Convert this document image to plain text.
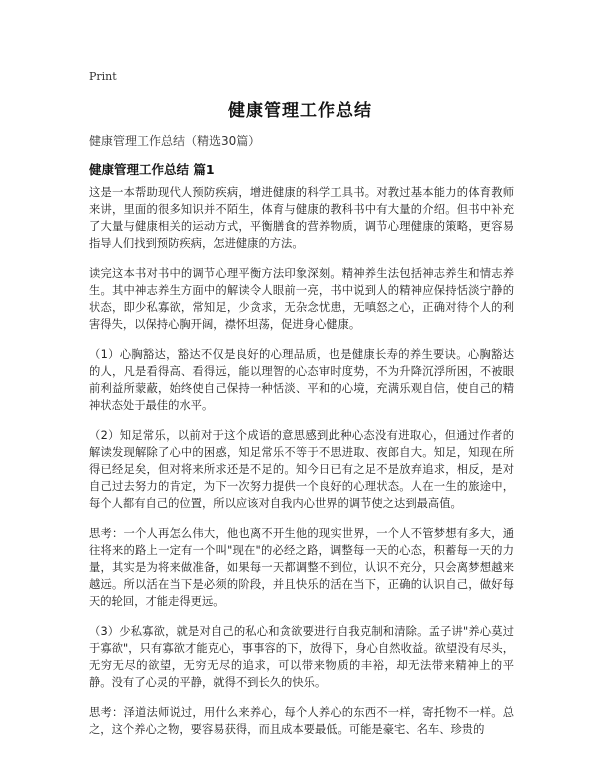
Print
健康管理工作总结
健康管理工作总结（精选30篇）
健康管理工作总结 篇1

这是一本帮助现代人预防疾病，增进健康的科学工具书。对教过基本能力的体育教师来讲，里面的很多知识并不陌生，体育与健康的教科书中有大量的介绍。但书中补充了大量与健康相关的运动方式，平衡膳食的营养物质，调节心理健康的策略，更容易指导人们找到预防疾病，怎进健康的方法。

读完这本书对书中的调节心理平衡方法印象深刻。精神养生法包括神志养生和情志养生。其中神志养生方面中的解读令人眼前一亮，书中说到人的精神应保持恬淡宁静的状态，即少私寡欲，常知足，少贪求，无杂念忧患，无嗔怒之心，正确对待个人的利害得失，以保持心胸开阔，襟怀坦荡，促进身心健康。

（1）心胸豁达，豁达不仅是良好的心理品质，也是健康长寿的养生要诀。心胸豁达的人，凡是看得高、看得远，能以理智的心态审时度势，不为升降沉浮所困，不被眼前利益所蒙蔽，始终使自己保持一种恬淡、平和的心境，充满乐观自信，使自己的精神状态处于最佳的水平。

（2）知足常乐，以前对于这个成语的意思感到此种心态没有进取心，但通过作者的解读发现解除了心中的困惑，知足常乐不等于不思进取、夜郎自大。知足，知现在所得已经足矣，但对将来所求还是不足的。知今日已有之足不是放弃追求，相反，是对自己过去努力的肯定，为下一次努力提供一个良好的心理状态。人在一生的旅途中，每个人都有自己的位置，所以应该对自我内心世界的调节使之达到最高值。

思考：一个人再怎么伟大，他也离不开生他的现实世界，一个人不管梦想有多大，通往将来的路上一定有一个叫"现在"的必经之路，调整每一天的心态，积蓄每一天的力量，其实是为将来做准备，如果每一天都调整不到位，认识不充分，只会离梦想越来越远。所以活在当下是必须的阶段，并且快乐的活在当下，正确的认识自己，做好每天的轮回，才能走得更远。

（3）少私寡欲，就是对自己的私心和贪欲要进行自我克制和清除。孟子讲"养心莫过于寡欲"，只有寡欲才能克心，事事容的下，放得下，身心自然收益。欲望没有尽头，无穷无尽的欲望，无穷无尽的追求，可以带来物质的丰裕，却无法带来精神上的平静。没有了心灵的平静，就得不到长久的快乐。

思考：泽道法师说过，用什么来养心，每个人养心的东西不一样，寄托物不一样。总之，这个养心之物，要容易获得，而且成本要最低。可能是豪宅、名车、珍贵的
